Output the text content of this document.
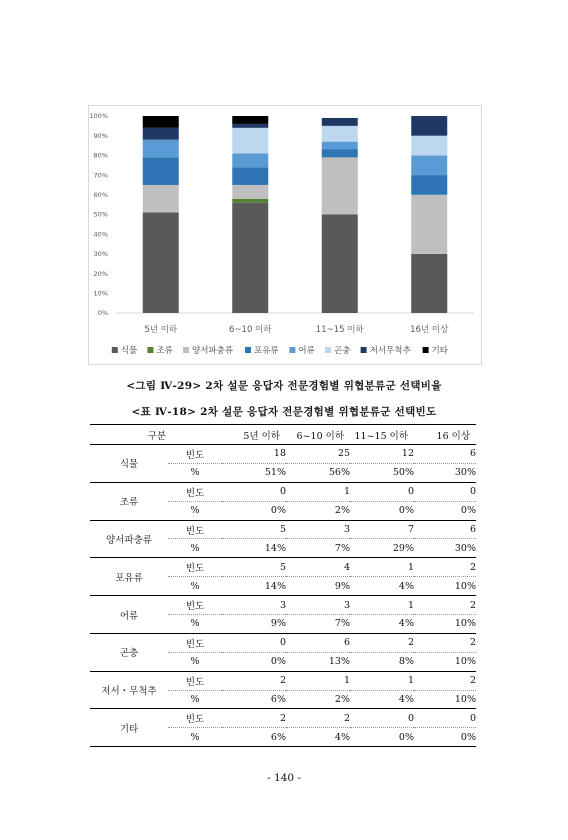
0%
10%
20%
30%
40%
50%
60%
70%
80%
90%
100%
5년 이하	6~10 이하	11~15 이하	16년 이상
식물 조류 양서파충류 포유류 어류 곤충 저서무척추 기타
<그림 Ⅳ-29> 2차 설문 응답자 전문경험별 위협분류군 선택비율
<표 Ⅳ-18> 2차 설문 응답자 전문경험별 위협분류군 선택빈도
구분		5년 이하	6~10 이하	11~15 이하	16 이상
식물	빈도	18	25	12	6
	%	51%	56%	50%	30%
조류	빈도	0	1	0	0
	%	0%	2%	0%	0%
양서파충류	빈도	5	3	7	6
	%	14%	7%	29%	30%
포유류	빈도	5	4	1	2
	%	14%	9%	4%	10%
어류	빈도	3	3	1	2
	%	9%	7%	4%	10%
곤충	빈도	0	6	2	2
	%	0%	13%	8%	10%
저서・무척추	빈도	2	1	1	2
	%	6%	2%	4%	10%
기타	빈도	2	2	0	0
	%	6%	4%	0%	0%
- 140 -
